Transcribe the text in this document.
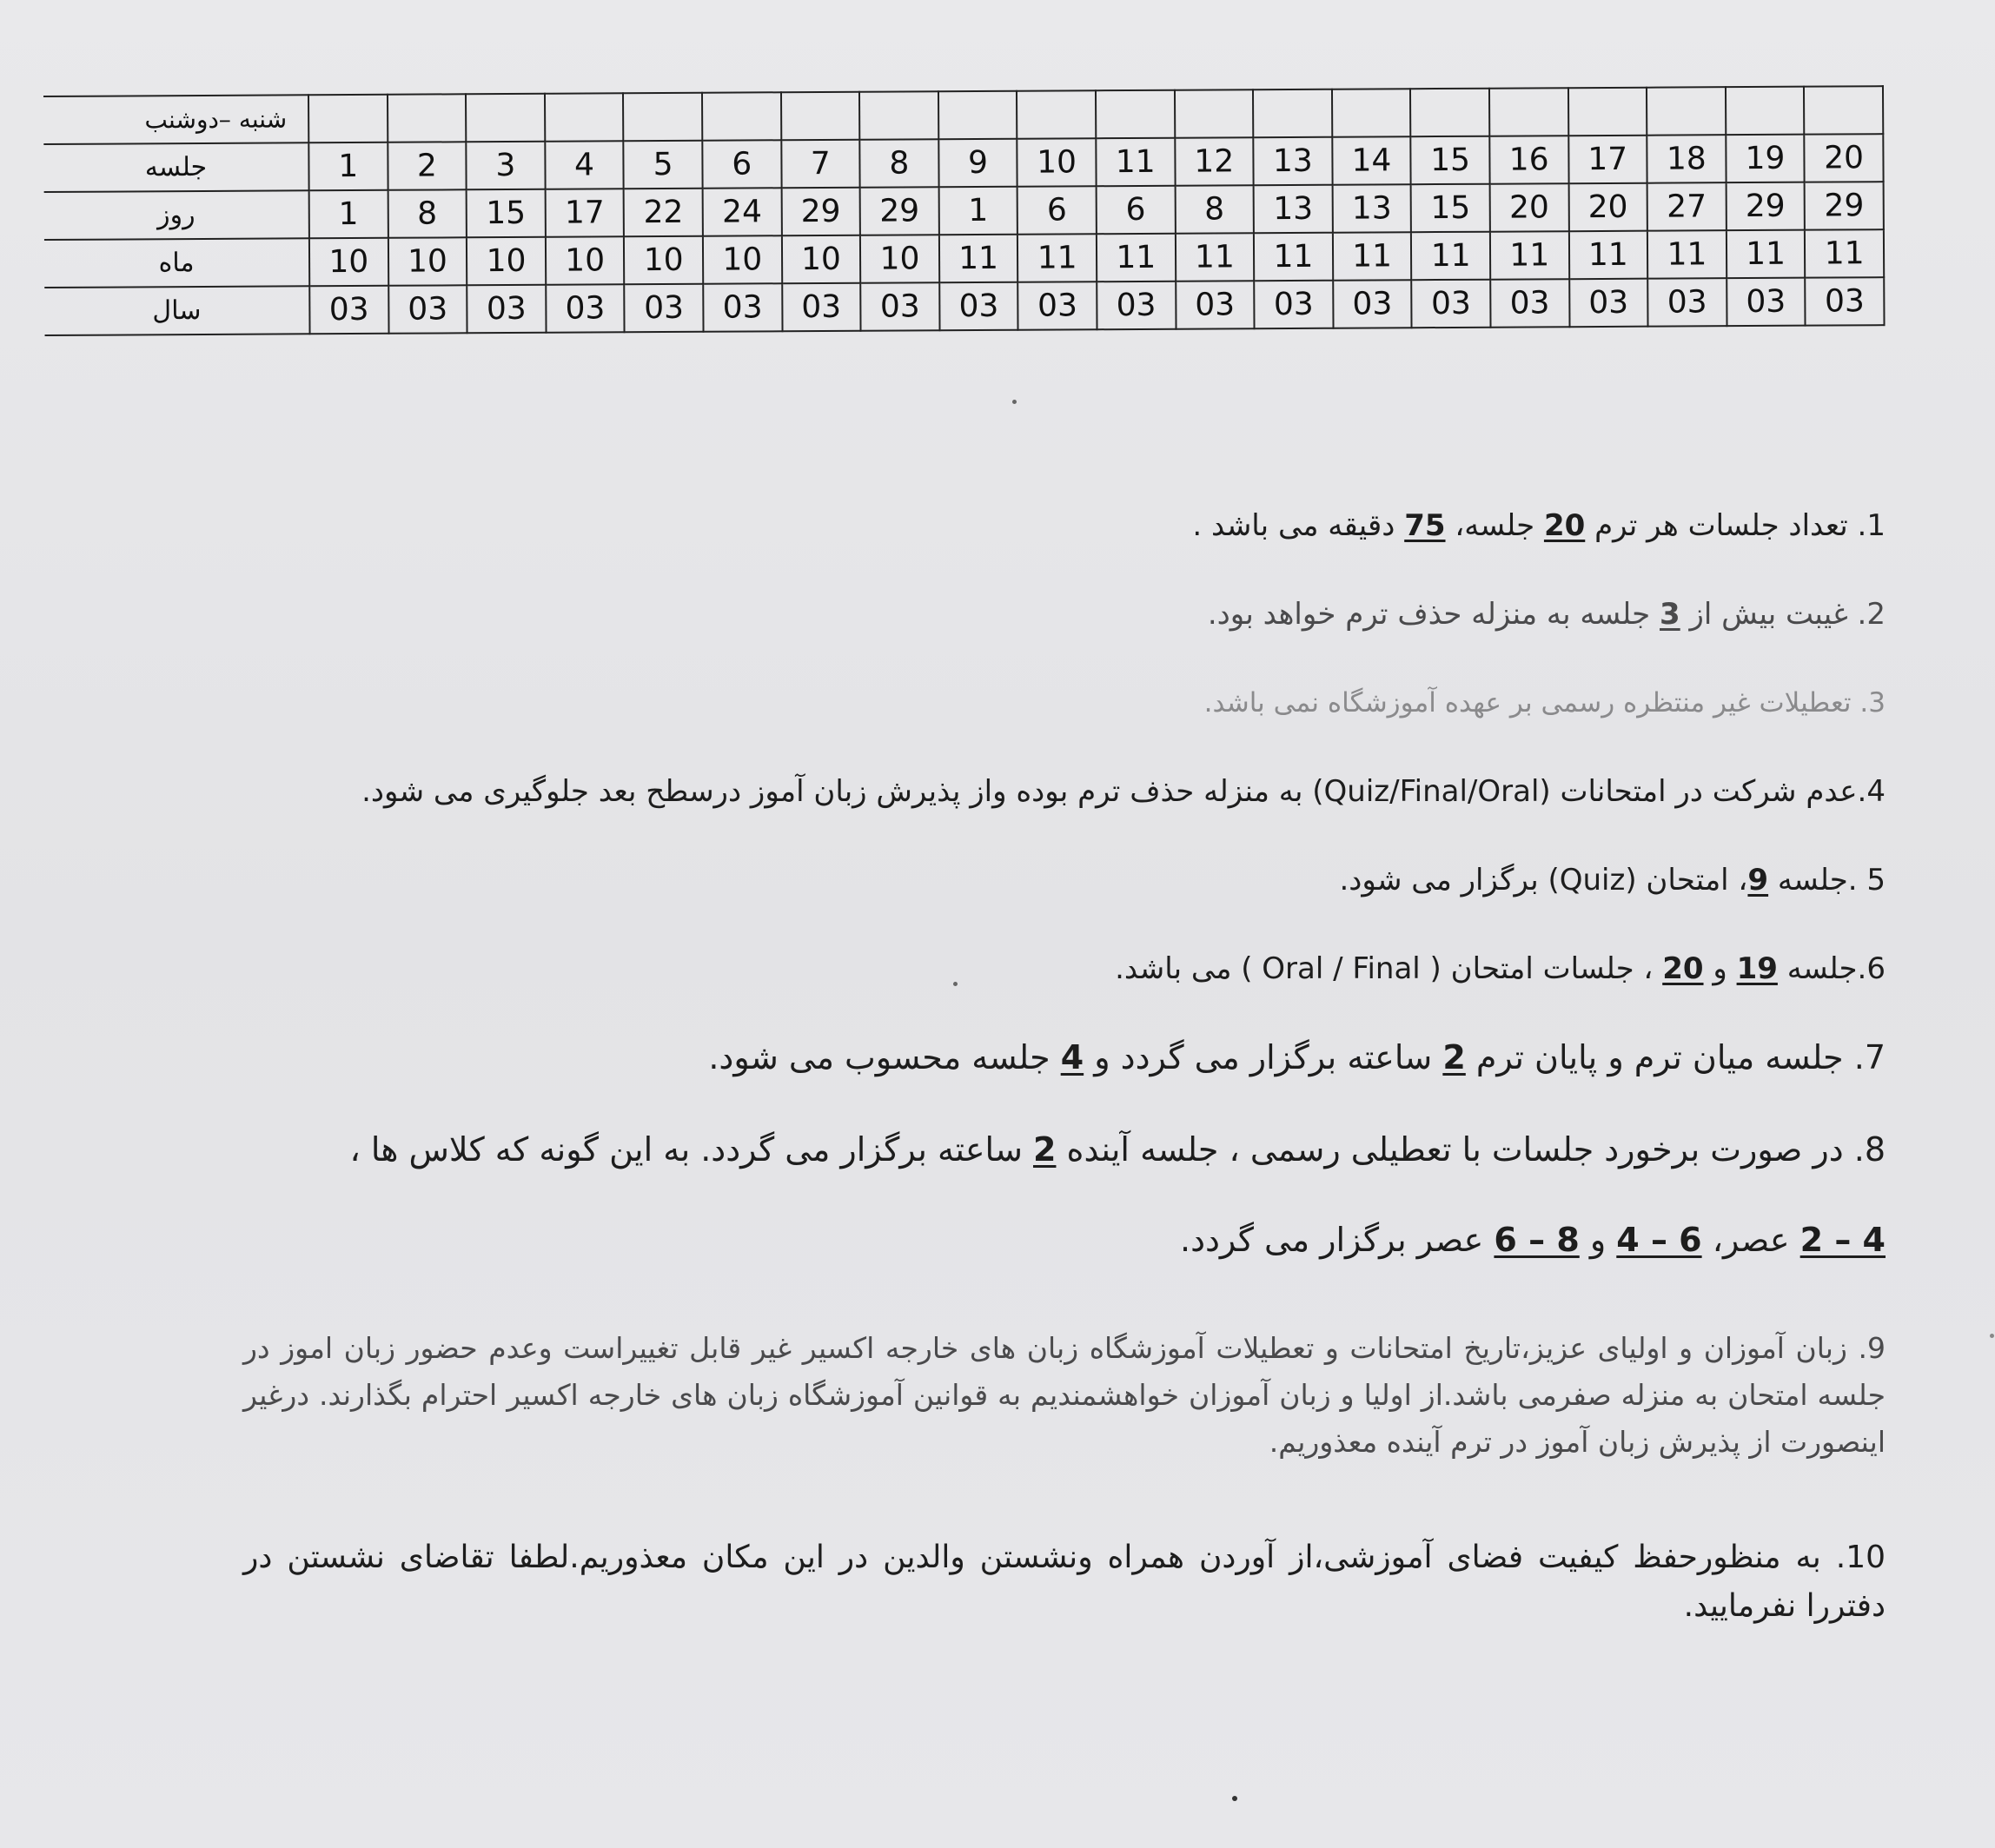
شنبه –دوشنب																				
جلسه	1	2	3	4	5	6	7	8	9	10	11	12	13	14	15	16	17	18	19	20
روز	1	8	15	17	22	24	29	29	1	6	6	8	13	13	15	20	20	27	29	29
ماه	10	10	10	10	10	10	10	10	11	11	11	11	11	11	11	11	11	11	11	11
سال	03	03	03	03	03	03	03	03	03	03	03	03	03	03	03	03	03	03	03	03
1. تعداد جلسات هر ترم 20 جلسه، 75 دقیقه می باشد .
2. غیبت بیش از 3 جلسه به منزله حذف ترم خواهد بود.
3. تعطیلات غیر منتظره رسمی بر عهده آموزشگاه نمی باشد.
4.عدم شرکت در امتحانات (Quiz/Final/Oral) به منزله حذف ترم بوده واز پذیرش زبان آموز درسطح بعد جلوگیری می شود.
5 .جلسه 9، امتحان (Quiz) برگزار می شود.
6.جلسه 19 و 20 ، جلسات امتحان ( Oral / Final ) می باشد.
7. جلسه میان ترم و پایان ترم 2 ساعته برگزار می گردد و 4 جلسه محسوب می شود.
8. در صورت برخورد جلسات با تعطیلی رسمی ، جلسه آینده 2 ساعته برگزار می گردد. به این گونه که کلاس ها ،
2 – 4 عصر، 4 – 6 و 6 – 8 عصر برگزار می گردد.
9. زبان آموزان و اولیای عزیز،تاریخ امتحانات و تعطیلات آموزشگاه زبان های خارجه اکسیر غیر قابل تغییراست وعدم حضور زبان اموز در جلسه امتحان به منزله صفرمی باشد.از اولیا و زبان آموزان خواهشمندیم به قوانین آموزشگاه زبان های خارجه اکسیر احترام بگذارند. درغیر اینصورت از پذیرش زبان آموز در ترم آینده معذوریم.
10. به منظورحفظ کیفیت فضای آموزشی،از آوردن همراه ونشستن والدین در این مکان معذوریم.لطفا تقاضای نشستن در دفتررا نفرمایید.
